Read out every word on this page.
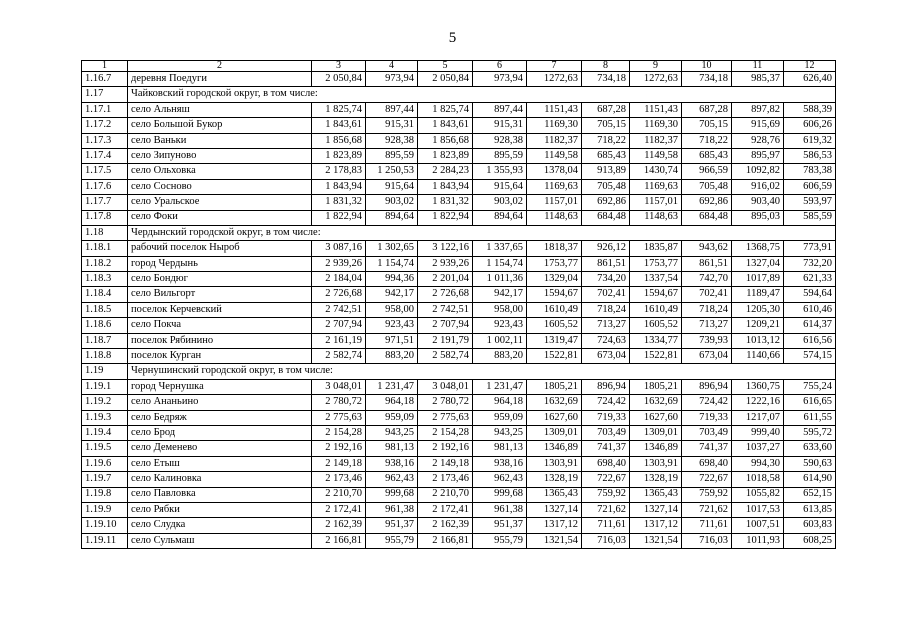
5
1	2	3	4	5	6	7	8	9	10	11	12
1.16.7	деревня Поедуги	2 050,84	973,94	2 050,84	973,94	1272,63	734,18	1272,63	734,18	985,37	626,40
1.17	Чайковский городской округ, в том числе:										
1.17.1	село Альняш	1 825,74	897,44	1 825,74	897,44	1151,43	687,28	1151,43	687,28	897,82	588,39
1.17.2	село Большой Букор	1 843,61	915,31	1 843,61	915,31	1169,30	705,15	1169,30	705,15	915,69	606,26
1.17.3	село Ваньки	1 856,68	928,38	1 856,68	928,38	1182,37	718,22	1182,37	718,22	928,76	619,32
1.17.4	село Зипуново	1 823,89	895,59	1 823,89	895,59	1149,58	685,43	1149,58	685,43	895,97	586,53
1.17.5	село Ольховка	2 178,83	1 250,53	2 284,23	1 355,93	1378,04	913,89	1430,74	966,59	1092,82	783,38
1.17.6	село Сосново	1 843,94	915,64	1 843,94	915,64	1169,63	705,48	1169,63	705,48	916,02	606,59
1.17.7	село Уральское	1 831,32	903,02	1 831,32	903,02	1157,01	692,86	1157,01	692,86	903,40	593,97
1.17.8	село Фоки	1 822,94	894,64	1 822,94	894,64	1148,63	684,48	1148,63	684,48	895,03	585,59
1.18	Чердынский городской округ, в том числе:										
1.18.1	рабочий поселок Ныроб	3 087,16	1 302,65	3 122,16	1 337,65	1818,37	926,12	1835,87	943,62	1368,75	773,91
1.18.2	город Чердынь	2 939,26	1 154,74	2 939,26	1 154,74	1753,77	861,51	1753,77	861,51	1327,04	732,20
1.18.3	село Бондюг	2 184,04	994,36	2 201,04	1 011,36	1329,04	734,20	1337,54	742,70	1017,89	621,33
1.18.4	село Вильгорт	2 726,68	942,17	2 726,68	942,17	1594,67	702,41	1594,67	702,41	1189,47	594,64
1.18.5	поселок Керчевский	2 742,51	958,00	2 742,51	958,00	1610,49	718,24	1610,49	718,24	1205,30	610,46
1.18.6	село Покча	2 707,94	923,43	2 707,94	923,43	1605,52	713,27	1605,52	713,27	1209,21	614,37
1.18.7	поселок Рябинино	2 161,19	971,51	2 191,79	1 002,11	1319,47	724,63	1334,77	739,93	1013,12	616,56
1.18.8	поселок Курган	2 582,74	883,20	2 582,74	883,20	1522,81	673,04	1522,81	673,04	1140,66	574,15
1.19	Чернушинский городской округ, в том числе:										
1.19.1	город Чернушка	3 048,01	1 231,47	3 048,01	1 231,47	1805,21	896,94	1805,21	896,94	1360,75	755,24
1.19.2	село Ананьино	2 780,72	964,18	2 780,72	964,18	1632,69	724,42	1632,69	724,42	1222,16	616,65
1.19.3	село Бедряж	2 775,63	959,09	2 775,63	959,09	1627,60	719,33	1627,60	719,33	1217,07	611,55
1.19.4	село Брод	2 154,28	943,25	2 154,28	943,25	1309,01	703,49	1309,01	703,49	999,40	595,72
1.19.5	село Деменево	2 192,16	981,13	2 192,16	981,13	1346,89	741,37	1346,89	741,37	1037,27	633,60
1.19.6	село Етыш	2 149,18	938,16	2 149,18	938,16	1303,91	698,40	1303,91	698,40	994,30	590,63
1.19.7	село Калиновка	2 173,46	962,43	2 173,46	962,43	1328,19	722,67	1328,19	722,67	1018,58	614,90
1.19.8	село Павловка	2 210,70	999,68	2 210,70	999,68	1365,43	759,92	1365,43	759,92	1055,82	652,15
1.19.9	село Рябки	2 172,41	961,38	2 172,41	961,38	1327,14	721,62	1327,14	721,62	1017,53	613,85
1.19.10	село Слудка	2 162,39	951,37	2 162,39	951,37	1317,12	711,61	1317,12	711,61	1007,51	603,83
1.19.11	село Сульмаш	2 166,81	955,79	2 166,81	955,79	1321,54	716,03	1321,54	716,03	1011,93	608,25
